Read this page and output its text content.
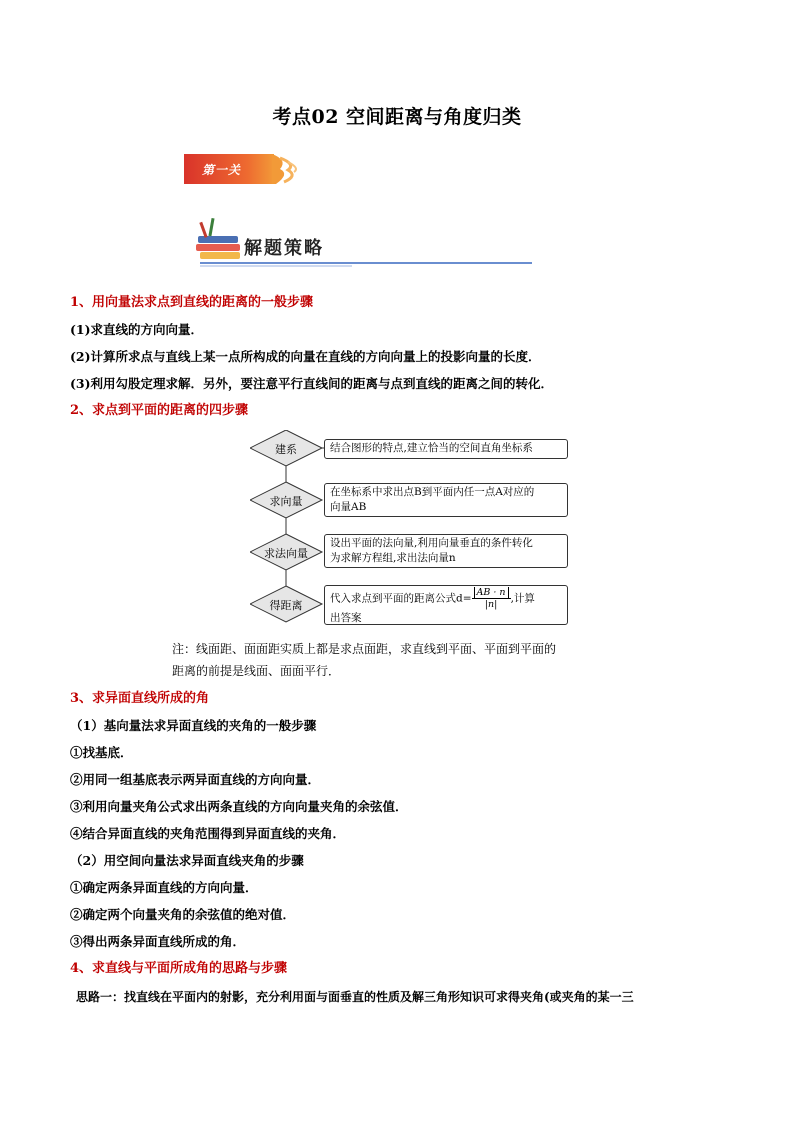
考点02 空间距离与角度归类
第一关
解题策略
1、用向量法求点到直线的距离的一般步骤
(1)求直线的方向向量．
(2)计算所求点与直线上某一点所构成的向量在直线的方向向量上的投影向量的长度．
(3)利用勾股定理求解．另外，要注意平行直线间的距离与点到直线的距离之间的转化．
2、求点到平面的距离的四步骤
建系
求向量
求法向量
得距离
结合图形的特点,建立恰当的空间直角坐标系
在坐标系中求出点B到平面内任一点A对应的
向量AB
设出平面的法向量,利用向量垂直的条件转化
为求解方程组,求出法向量n
代入求点到平面的距离公式$d= \frac{AB \cdot n}{|n|}$ ,计算
出答案
注：线面距、面面距实质上都是求点面距，求直线到平面、平面到平面的
距离的前提是线面、面面平行．
3、求异面直线所成的角
（1）基向量法求异面直线的夹角的一般步骤
①找基底．
②用同一组基底表示两异面直线的方向向量．
③利用向量夹角公式求出两条直线的方向向量夹角的余弦值．
④结合异面直线的夹角范围得到异面直线的夹角．
（2）用空间向量法求异面直线夹角的步骤
①确定两条异面直线的方向向量．
②确定两个向量夹角的余弦值的绝对值．
③得出两条异面直线所成的角．
4、求直线与平面所成角的思路与步骤
思路一：找直线在平面内的射影，充分利用面与面垂直的性质及解三角形知识可求得夹角(或夹角的某一三
